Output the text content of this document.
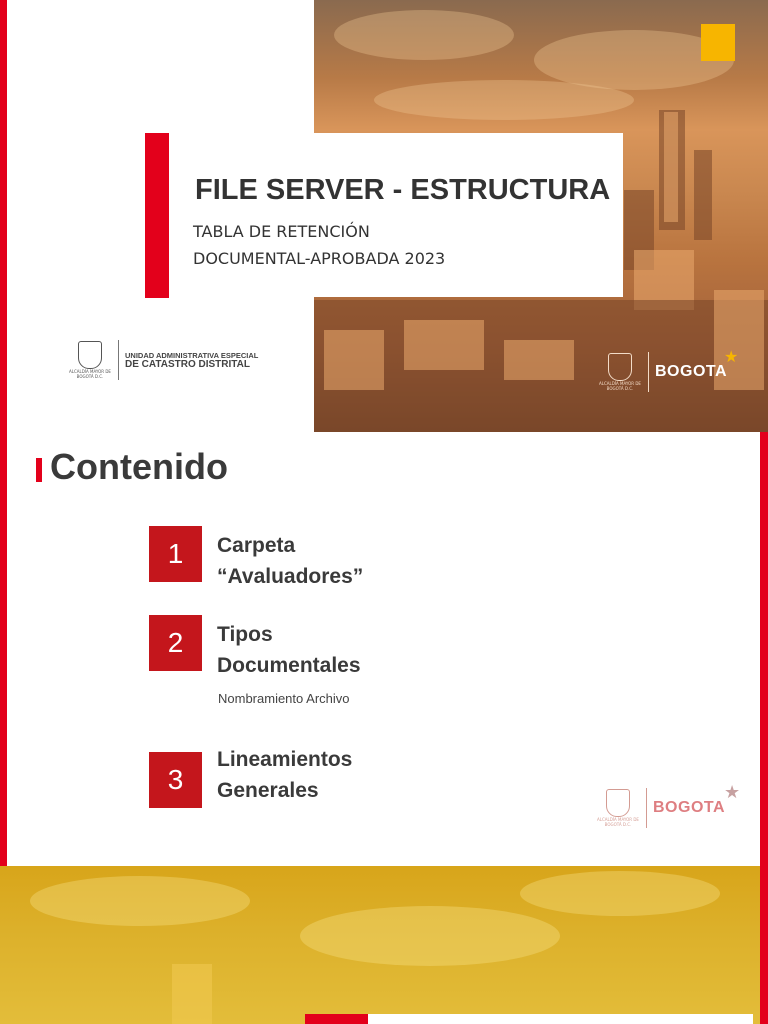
FILE SERVER - ESTRUCTURA
TABLA DE RETENCIÓN
DOCUMENTAL-APROBADA 2023
ALCALDÍA MAYOR DE BOGOTÁ D.C.
UNIDAD ADMINISTRATIVA ESPECIAL
DE CATASTRO DISTRITAL
ALCALDÍA MAYOR DE BOGOTÁ D.C.
BOGOTA
★
Contenido
1	Carpeta
“Avaluadores”
2	Tipos
Documentales
Nombramiento Archivo
3
Lineamientos
Generales
ALCALDÍA MAYOR DE BOGOTÁ D.C.
BOGOTA
★
